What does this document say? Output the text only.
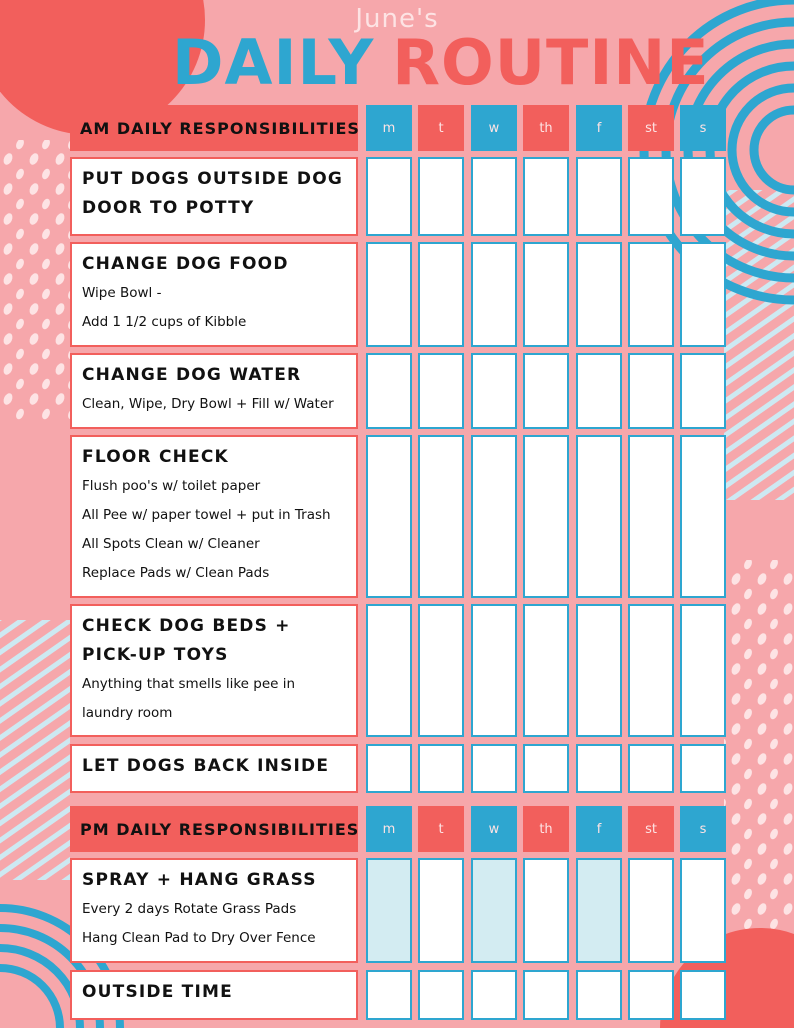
June's
DAILY ROUTINE
AM DAILY RESPONSIBILITIES	m	t	w	th	f	st	s
PUT DOGS OUTSIDE DOG DOOR TO POTTY
CHANGE DOG FOOD
Wipe Bowl -
Add 1 1/2 cups of Kibble
CHANGE DOG WATER
Clean, Wipe, Dry Bowl + Fill w/ Water
FLOOR CHECK
Flush poo's w/ toilet paper
All Pee w/ paper towel + put in Trash
All Spots Clean w/ Cleaner
Replace Pads w/ Clean Pads
CHECK DOG BEDS + PICK-UP TOYS
Anything that smells like pee in
laundry room
LET DOGS BACK INSIDE
PM DAILY RESPONSIBILITIES	m	t	w	th	f	st	s
SPRAY + HANG GRASS
Every 2 days Rotate Grass Pads
Hang Clean Pad to Dry Over Fence
OUTSIDE TIME
